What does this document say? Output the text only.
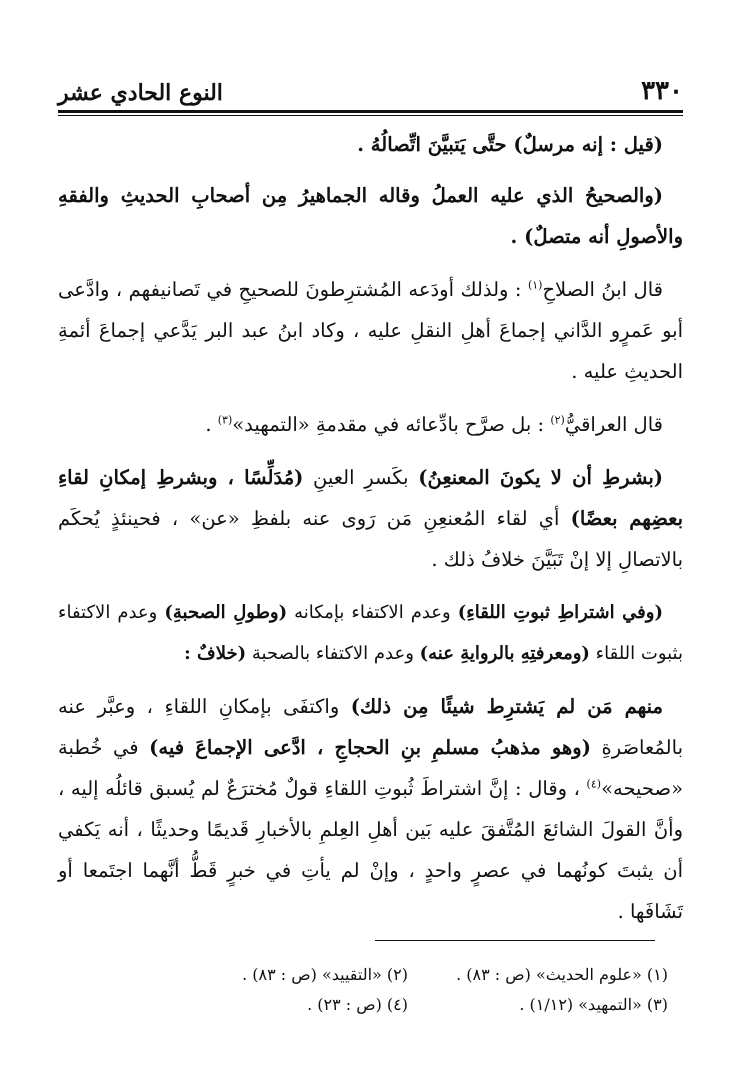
٣٣٠
النوع الحادي عشر

(قيل : إنه مرسلٌ) حتَّى يَتبيَّنَ اتِّصالُهُ .

(والصحيحُ الذي عليه العملُ وقاله الجماهيرُ مِن أصحابِ الحديثِ والفقهِ والأصولِ أنه متصلٌ) .

قال ابنُ الصلاحِ$^{(١)}$ : ولذلك أودَعه المُشترِطونَ للصحيحِ في تَصانيفهم ، وادَّعى أبو عَمرٍو الدَّاني إجماعَ أهلِ النقلِ عليه ، وكاد ابنُ عبد البر يَدَّعي إجماعَ أئمةِ الحديثِ عليه .

قال العراقيُّ$^{(٢)}$ : بل صرَّح بادِّعائه في مقدمةِ «التمهيد»$^{(٣)}$ .

(بشرطِ أن لا يكونَ المعنعِنُ) بكَسرِ العينِ (مُدَلِّسًا ، وبشرطِ إمكانِ لقاءِ بعضِهم بعضًا) أي لقاء المُعنعِنِ مَن رَوى عنه بلفظِ «عن» ، فحينئذٍ يُحكَم بالاتصالِ إلا إنْ تَبَيَّنَ خلافُ ذلك .

(وفي اشتراطِ ثبوتِ اللقاءِ) وعدم الاكتفاء بإمكانه (وطولِ الصحبةِ) وعدم الاكتفاء بثبوت اللقاء (ومعرفتِهِ بالروايةِ عنه) وعدم الاكتفاء بالصحبة (خلافٌ :

منهم مَن لم يَشترِط شيئًا مِن ذلك) واكتفَى بإمكانِ اللقاءِ ، وعبَّر عنه بالمُعاصَرةِ (وهو مذهبُ مسلمِ بنِ الحجاجِ ، ادَّعى الإجماعَ فيه) في خُطبة «صحيحه»$^{(٤)}$ ، وقال : إنَّ اشتراطَ ثُبوتِ اللقاءِ قولٌ مُخترَعٌ لم يُسبق قائلُه إليه ، وأنَّ القولَ الشائعَ المُتَّفقَ عليه بَين أهلِ العِلمِ بالأخبارِ قَديمًا وحديثًا ، أنه يَكفي أن يثبتَ كونُهما في عصرٍ واحدٍ ، وإنْ لم يأتِ في خبرٍ قَطُّ أنَّهما اجتَمعا أو تَشَافَها .

(١) «علوم الحديث» (ص : ٨٣) .
(٢) «التقييد» (ص : ٨٣) .
(٣) «التمهيد» (١/١٢) .
(٤) (ص : ٢٣) .
